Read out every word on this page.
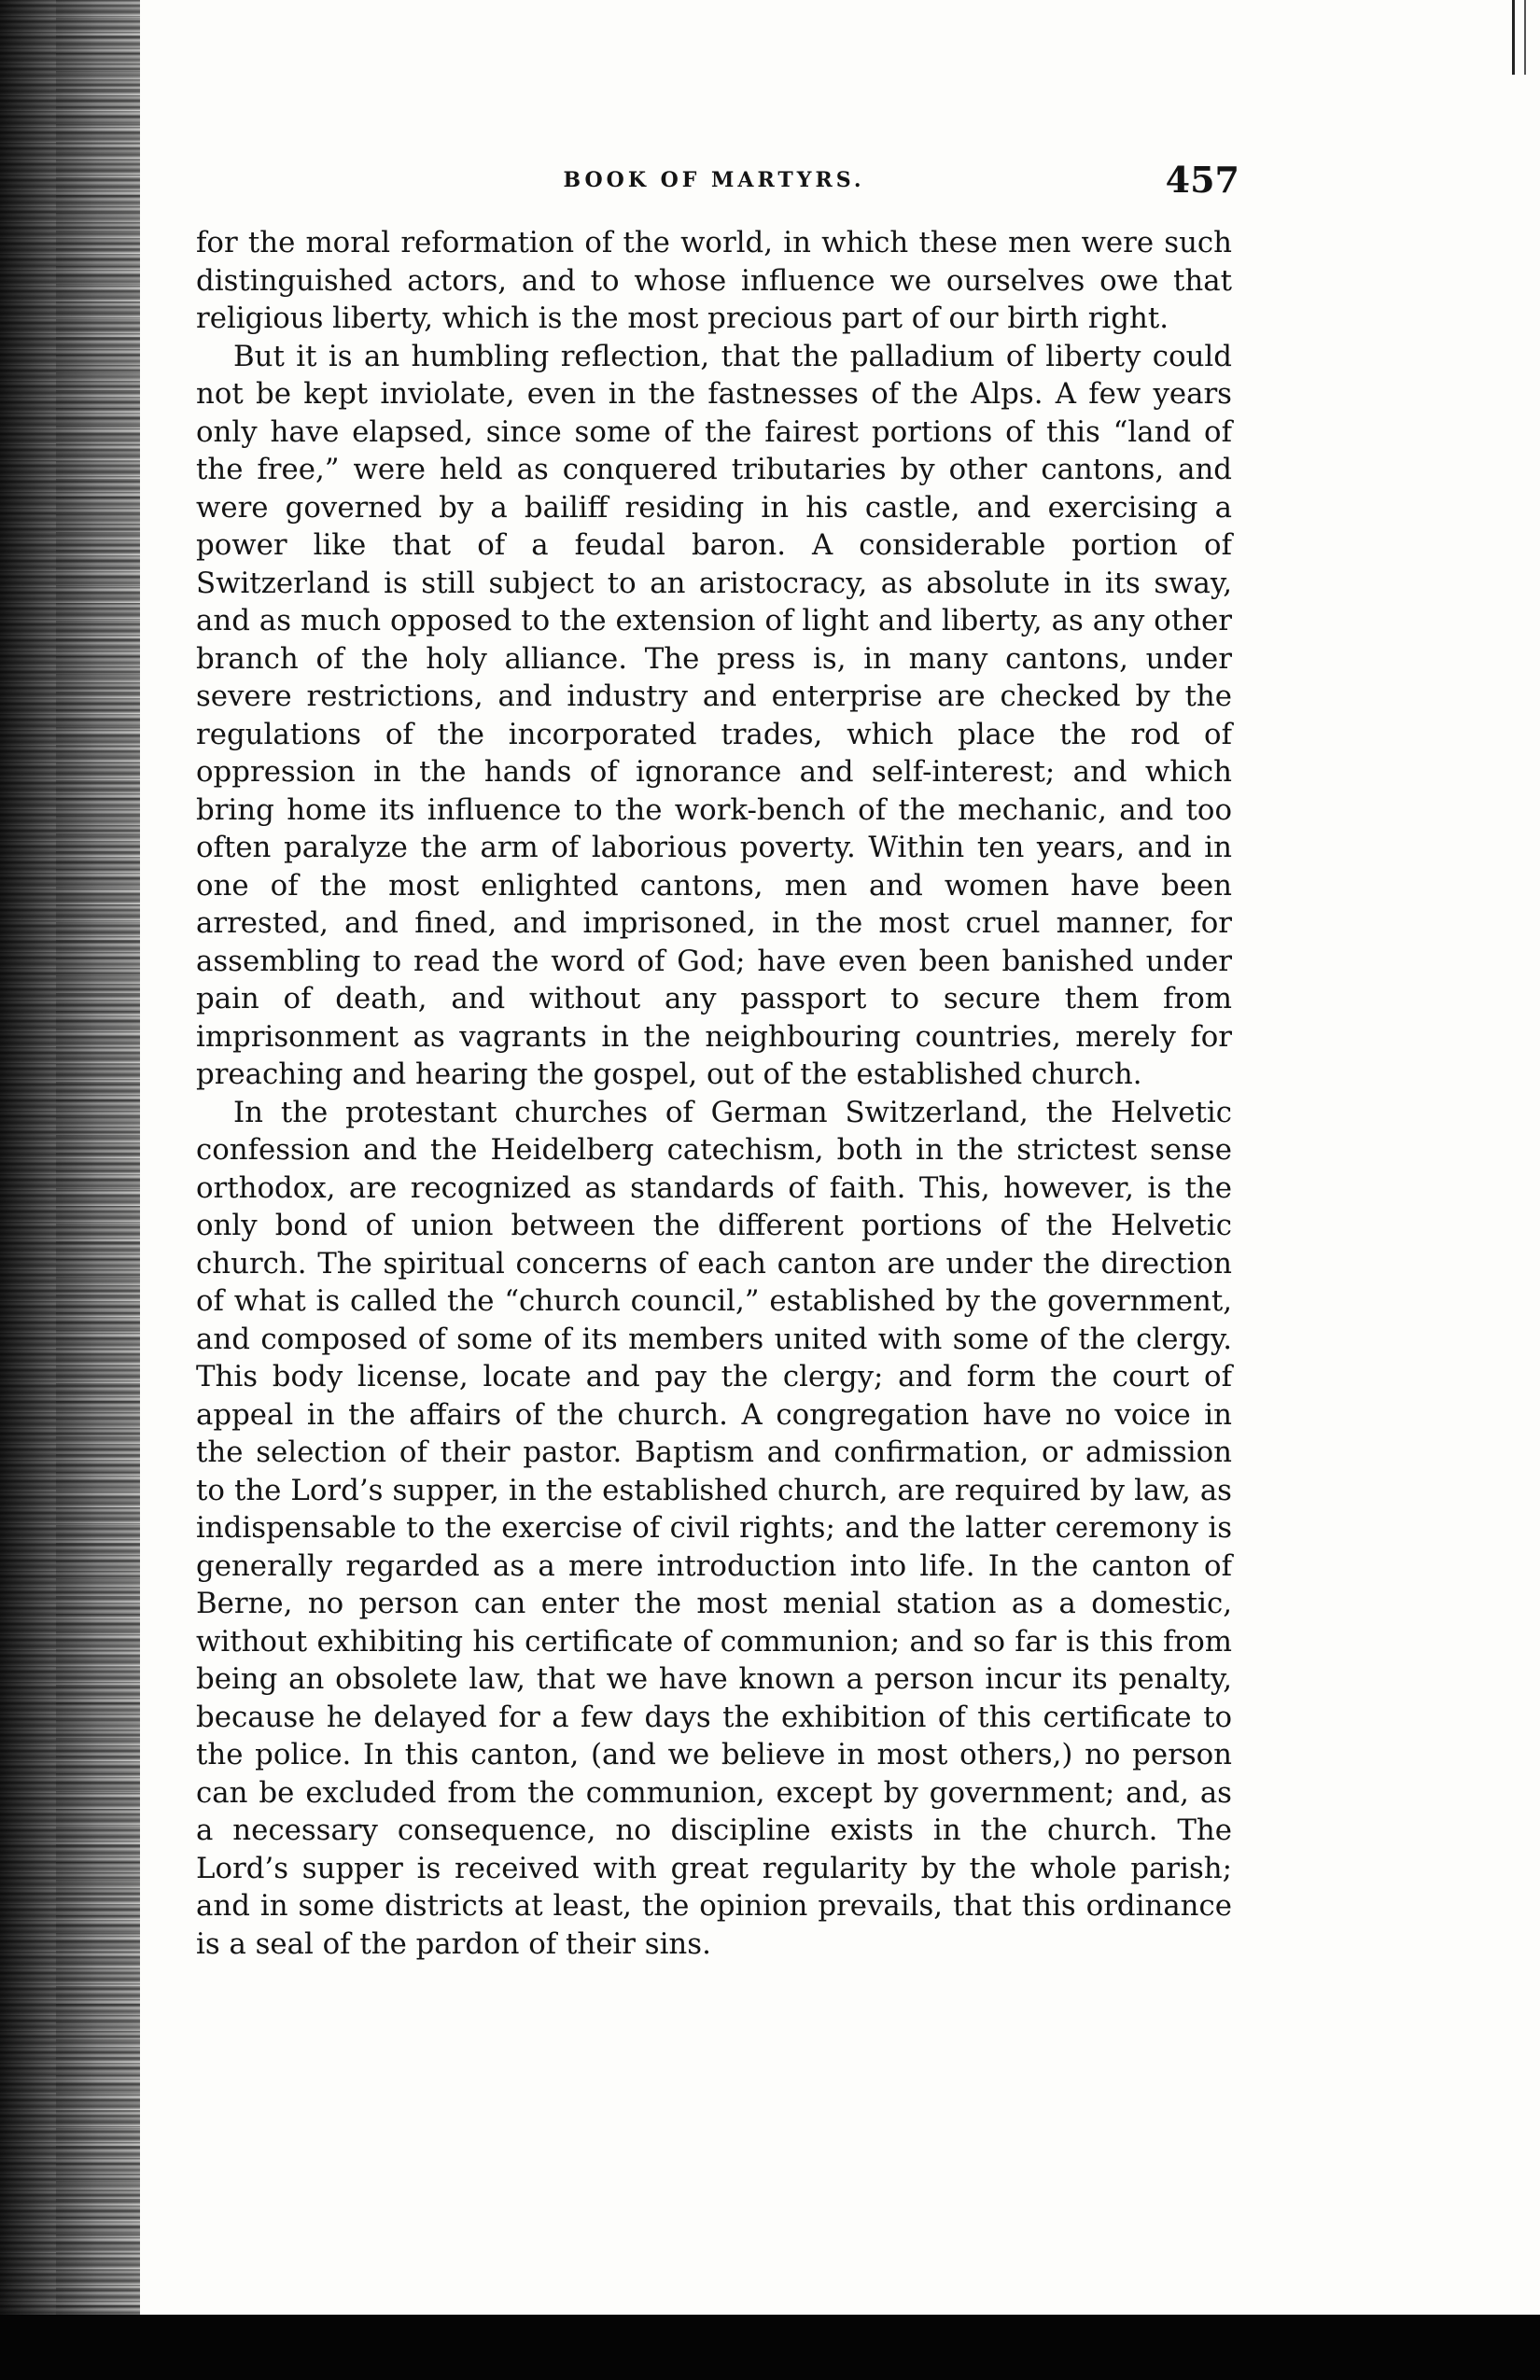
BOOK OF MARTYRS.	457

for the moral reformation of the world, in which these men were such distinguished actors, and to whose influence we ourselves owe that religious liberty, which is the most precious part of our birth right.

But it is an humbling reflection, that the palladium of liberty could not be kept inviolate, even in the fastnesses of the Alps. A few years only have elapsed, since some of the fairest portions of this “land of the free,” were held as conquered tributaries by other cantons, and were governed by a bailiff residing in his castle, and exercising a power like that of a feudal baron. A considerable portion of Switzerland is still subject to an aristocracy, as absolute in its sway, and as much opposed to the extension of light and liberty, as any other branch of the holy alliance. The press is, in many cantons, under severe restrictions, and industry and enterprise are checked by the regulations of the incorporated trades, which place the rod of oppression in the hands of ignorance and self-interest; and which bring home its influence to the work-bench of the mechanic, and too often paralyze the arm of laborious poverty. Within ten years, and in one of the most enlighted cantons, men and women have been arrested, and fined, and imprisoned, in the most cruel manner, for assembling to read the word of God; have even been banished under pain of death, and without any passport to secure them from imprisonment as vagrants in the neighbouring countries, merely for preaching and hearing the gospel, out of the established church.

In the protestant churches of German Switzerland, the Helvetic confession and the Heidelberg catechism, both in the strictest sense orthodox, are recognized as standards of faith. This, however, is the only bond of union between the different portions of the Helvetic church. The spiritual concerns of each canton are under the direction of what is called the “church council,” established by the government, and composed of some of its members united with some of the clergy. This body license, locate and pay the clergy; and form the court of appeal in the affairs of the church. A congregation have no voice in the selection of their pastor. Baptism and confirmation, or admission to the Lord’s supper, in the established church, are required by law, as indispensable to the exercise of civil rights; and the latter ceremony is generally regarded as a mere introduction into life. In the canton of Berne, no person can enter the most menial station as a domestic, without exhibiting his certificate of communion; and so far is this from being an obsolete law, that we have known a person incur its penalty, because he delayed for a few days the exhibition of this certificate to the police. In this canton, (and we believe in most others,) no person can be excluded from the communion, except by government; and, as a necessary consequence, no discipline exists in the church. The Lord’s supper is received with great regularity by the whole parish; and in some districts at least, the opinion prevails, that this ordinance is a seal of the pardon of their sins.
